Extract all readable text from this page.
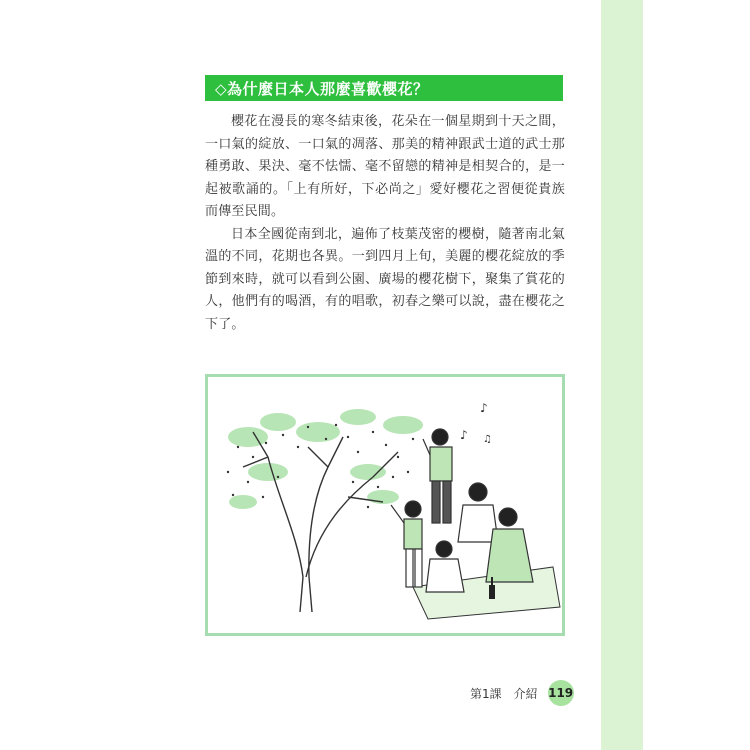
◇為什麼日本人那麼喜歡櫻花？

櫻花在漫長的寒冬結束後，花朵在一個星期到十天之間，一口氣的綻放、一口氣的凋落、那美的精神跟武士道的武士那種勇敢、果決、毫不怯懦、毫不留戀的精神是相契合的，是一起被歌誦的。「上有所好，下必尚之」愛好櫻花之習便從貴族而傳至民間。

日本全國從南到北，遍佈了枝葉茂密的櫻樹，隨著南北氣溫的不同，花期也各異。一到四月上旬，美麗的櫻花綻放的季節到來時，就可以看到公園、廣場的櫻花樹下，聚集了賞花的人，他們有的喝酒，有的唱歌，初春之樂可以說，盡在櫻花之下了。

♪
♪ ♫
第1課　介紹 119
